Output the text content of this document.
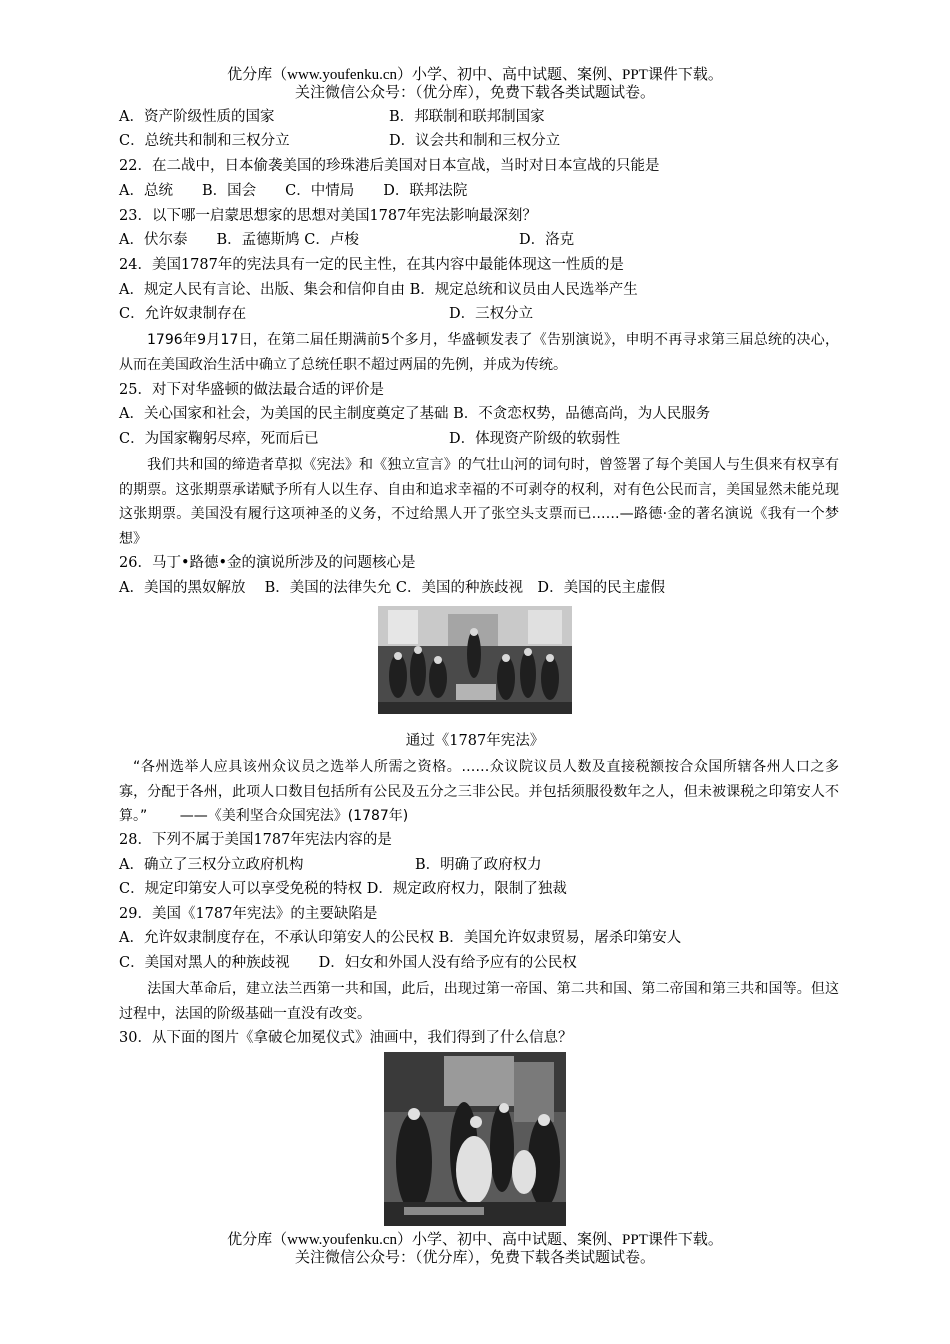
优分库（www.youfenku.cn）小学、初中、高中试题、案例、PPT课件下载。
关注微信公众号：（优分库），免费下载各类试题试卷。
A．资产阶级性质的国家	B．邦联制和联邦制国家
C．总统共和制和三权分立	D．议会共和制和三权分立
22．在二战中，日本偷袭美国的珍珠港后美国对日本宣战，当时对日本宣战的只能是
A．总统　　B．国会　　C．中情局　　D．联邦法院
23．以下哪一启蒙思想家的思想对美国1787年宪法影响最深刻？
A．伏尔泰　　B．孟德斯鸠 C．卢梭	D．洛克
24．美国1787年的宪法具有一定的民主性，在其内容中最能体现这一性质的是
A．规定人民有言论、出版、集会和信仰自由 B．规定总统和议员由人民选举产生
C．允许奴隶制存在	D．三权分立
1796年9月17日，在第二届任期满前5个多月，华盛顿发表了《告别演说》，申明不再寻求第三届总统的决心，从而在美国政治生活中确立了总统任职不超过两届的先例，并成为传统。
25．对下对华盛顿的做法最合适的评价是
A．关心国家和社会，为美国的民主制度奠定了基础 B．不贪恋权势，品德高尚，为人民服务
C．为国家鞠躬尽瘁，死而后已	D．体现资产阶级的软弱性
我们共和国的缔造者草拟《宪法》和《独立宣言》的气壮山河的词句时，曾签署了每个美国人与生俱来有权享有的期票。这张期票承诺赋予所有人以生存、自由和追求幸福的不可剥夺的权利，对有色公民而言，美国显然未能兑现这张期票。美国没有履行这项神圣的义务，不过给黑人开了张空头支票而已……—路德·金的著名演说《我有一个梦想》
26．马丁•路德•金的演说所涉及的问题核心是
A．美国的黑奴解放　 B．美国的法律失允 C．美国的种族歧视　D．美国的民主虚假
通过《1787年宪法》
“各州选举人应具该州众议员之选举人所需之资格。……众议院议员人数及直接税额按合众国所辖各州人口之多寡，分配于各州，此项人口数目包括所有公民及五分之三非公民。并包括须服役数年之人，但未被课税之印第安人不算。”　　 ——《美利坚合众国宪法》(1787年)
28．下列不属于美国1787年宪法内容的是
A．确立了三权分立政府机构	B．明确了政府权力
C．规定印第安人可以享受免税的特权 D．规定政府权力，限制了独裁
29．美国《1787年宪法》的主要缺陷是
A．允许奴隶制度存在，不承认印第安人的公民权 B．美国允许奴隶贸易，屠杀印第安人
C．美国对黑人的种族歧视　　D．妇女和外国人没有给予应有的公民权
法国大革命后，建立法兰西第一共和国，此后，出现过第一帝国、第二共和国、第二帝国和第三共和国等。但这过程中，法国的阶级基础一直没有改变。
30．从下面的图片《拿破仑加冕仪式》油画中，我们得到了什么信息？
优分库（www.youfenku.cn）小学、初中、高中试题、案例、PPT课件下载。
关注微信公众号：（优分库），免费下载各类试题试卷。
